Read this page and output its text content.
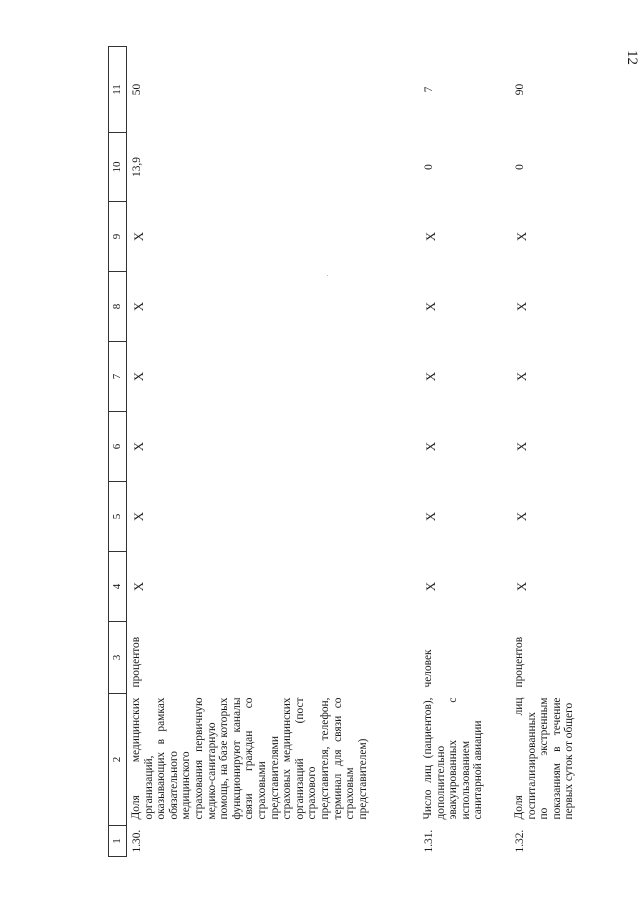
12
1	2	3	4	5	6	7	8	9	10	11
1.30.	Доля медицинских организаций, оказывающих в рамках обязательного медицинского страхования первичную медико-санитарную помощь, на базе которых функционируют каналы связи граждан со страховыми представителями страховых медицинских организаций (пост страхового представителя, телефон, терминал для связи со страховым представителем)	процентов	X	X	X	X	X	X	13,9	50
1.31.	Число лиц (пациентов), дополнительно эвакуированных с использованием санитарной авиации	человек	X	X	X	X	X	X	0	7
1.32.	Доля лиц госпитализированных по экстренным показаниям в течение первых суток от общего	процентов	X	X	X	X	X	X	0	90
